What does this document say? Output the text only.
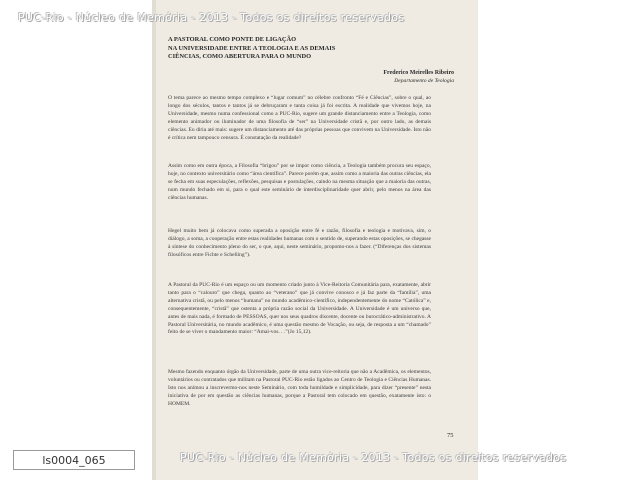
PUC-Rio - Núcleo de Memória - 2013 - Todos os direitos reservados
A PASTORAL COMO PONTE DE LIGAÇÃO
NA UNIVERSIDADE ENTRE A TEOLOGIA E AS DEMAIS
CIÊNCIAS, COMO ABERTURA PARA O MUNDO
Frederico Meirelles Ribeiro
Departamento de Teologia
O tema parece ao mesmo tempo complexo e “lugar comum” no célebre confronto “Fé e Ciências”, sobre o qual, ao longo dos séculos, tantos e tantos já se debruçaram e tanta coisa já foi escrita. A realidade que vivemos hoje, na Universidade, mesmo numa confessional como a PUC-Rio, sugere um grande distanciamento entre a Teologia, como elemento animador ou iluminador de uma filosofia de “ser” na Universidade cristã e, por outro lado, as demais ciências. Eu diria até mais: sugere um distanciamento até das próprias pessoas que convivem na Universidade. Isto não é crítica nem tampouco censura. É constatação da realidade?
Assim como em outra época, a Filosofia “brigou” por se impor como ciência, a Teologia também procura seu espaço, hoje, no contexto universitário como “área científica”. Parece porém que, assim como a maioria das outras ciências, ela se fecha em suas especulações, reflexões, pesquisas e postulações, caindo na mesma situação que a maioria das outras, num mundo fechado em si, para o qual este seminário de interdisciplinaridade quer abrir, pelo menos na área das ciências humanas.
Hegel muito bem já colocava como superada a oposição entre fé e razão, filosofia e teologia e motivava, sim, o diálogo, a soma, a cooperação entre estas realidades humanas com o sentido de, superando estas oposições, se chegasse à síntese do conhecimento pleno do ser, o que, aqui, neste seminário, propomo-nos a fazer. (“Diferenças dos sistemas filosóficos entre Fichte e Schelling”).
A Pastoral da PUC-Rio é um espaço ou um momento criado junto à Vice-Reitoria Comunitária para, exatamente, abrir tanto para o “calouro” que chega, quanto ao “veterano” que já convive conosco e já faz parte da “família”, uma alternativa cristã, ou pelo menos “humana” no mundo acadêmico-científico, independentemente do nome “Católica” e, consequentemente, “cristã” que ostenta a própria razão social da Universidade. A Universidade é um universo que, antes de mais nada, é formado de PESSOAS, quer nos seus quadros discente, docente ou burocrático-administrativo. A Pastoral Universitária, no mundo acadêmico, é uma questão mesmo de Vocação, ou seja, de resposta a um “chamado” feito de se viver o mandamento maior: “Amai-vos. . .”(Jo 15,12).
Mesmo fazendo enquanto órgão da Universidade, parte de uma outra vice-reitoria que não a Acadêmica, os elementos, voluntários ou contratados que militam na Pastoral PUC-Rio estão ligados ao Centro de Teologia e Ciências Humanas. Isto nos animou a inscrevermo-nos neste Seminário, com toda humildade e simplicidade, para dizer “presente” nesta iniciativa de por em questão as ciências humanas, porque a Pastoral tem colocado em questão, exatamente isto: o HOMEM.
75
ls0004_065	PUC-Rio - Núcleo de Memória - 2013 - Todos os direitos reservados
